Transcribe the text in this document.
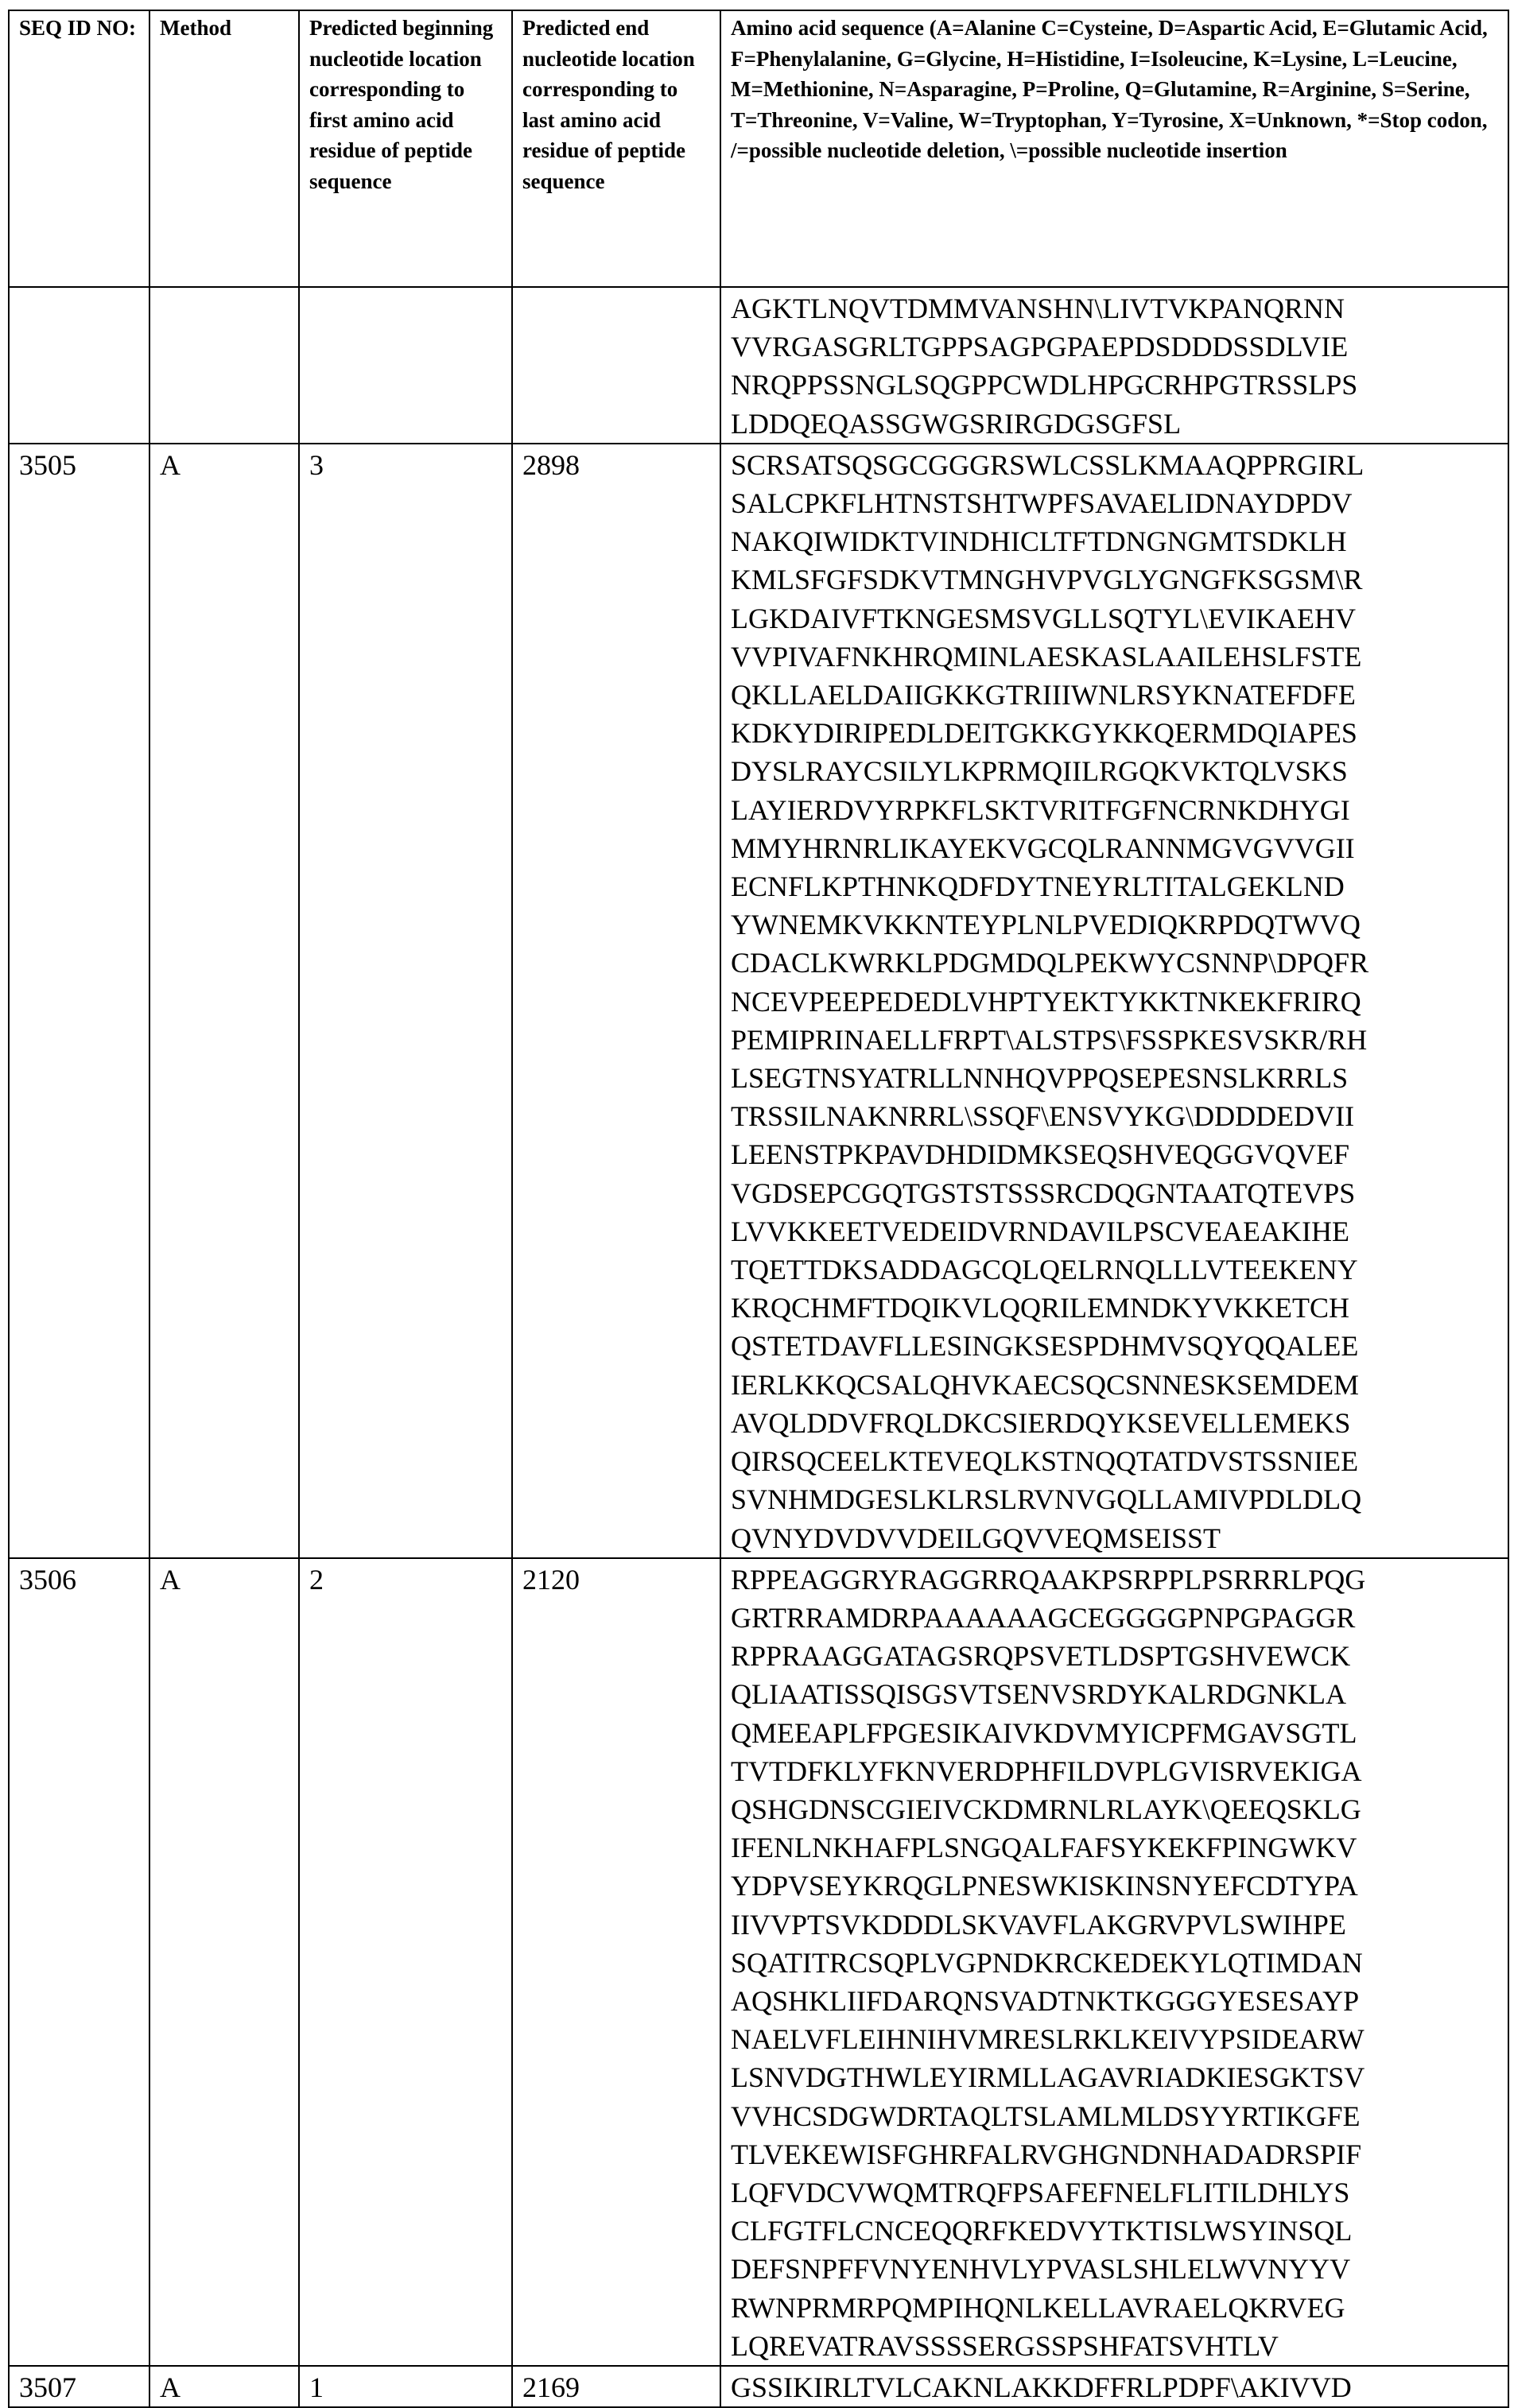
SEQ ID NO:	Method	Predicted beginning nucleotide location corresponding to first amino acid residue of peptide sequence	Predicted end nucleotide location corresponding to last amino acid residue of peptide sequence	Amino acid sequence (A=Alanine C=Cysteine, D=Aspartic Acid, E=Glutamic Acid, F=Phenylalanine, G=Glycine, H=Histidine, I=Isoleucine, K=Lysine, L=Leucine, M=Methionine, N=Asparagine, P=Proline, Q=Glutamine, R=Arginine, S=Serine, T=Threonine, V=Valine, W=Tryptophan, Y=Tyrosine, X=Unknown, *=Stop codon, /=possible nucleotide deletion, \=possible nucleotide insertion

				AGKTLNQVTDMMVANSHN\LIVTVKPANQRNN
VVRGASGRLTGPPSAGPGPAEPDSDDDSSDLVIE
NRQPPSSNGLSQGPPCWDLHPGCRHPGTRSSLPS
LDDQEQASSGWGSRIRGDGSGFSL

3505	A	3	2898	SCRSATSQSGCGGGRSWLCSSLKMAAQPPRGIRL
SALCPKFLHTNSTSHTWPFSAVAELIDNAYDPDV
NAKQIWIDKTVINDHICLTFTDNGNGMTSDKLH
KMLSFGFSDKVTMNGHVPVGLYGNGFKSGSM\R
LGKDAIVFTKNGESMSVGLLSQTYL\EVIKAEHV
VVPIVAFNKHRQMINLAESKASLAAILEHSLFSTE
QKLLAELDAIIGKKGTRIIIWNLRSYKNATEFDFE
KDKYDIRIPEDLDEITGKKGYKKQERMDQIAPES
DYSLRAYCSILYLKPRMQIILRGQKVKTQLVSKS
LAYIERDVYRPKFLSKTVRITFGFNCRNKDHYGI
MMYHRNRLIKAYEKVGCQLRANNMGVGVVGII
ECNFLKPTHNKQDFDYTNEYRLTITALGEKLND
YWNEMKVKKNTEYPLNLPVEDIQKRPDQTWVQ
CDACLKWRKLPDGMDQLPEKWYCSNNP\DPQFR
NCEVPEEPEDEDLVHPTYEKTYKKTNKEKFRIRQ
PEMIPRINAELLFRPT\ALSTPS\FSSPKESVSKR/RH
LSEGTNSYATRLLNNHQVPPQSEPESNSLKRRLS
TRSSILNAKNRRL\SSQF\ENSVYKG\DDDDEDVII
LEENSTPKPAVDHDIDMKSEQSHVEQGGVQVEF
VGDSEPCGQTGSTSTSSSRCDQGNTAATQTEVPS
LVVKKEETVEDEIDVRNDAVILPSCVEAEAKIHE
TQETTDKSADDAGCQLQELRNQLLLVTEEKENY
KRQCHMFTDQIKVLQQRILEMNDKYVKKETCH
QSTETDAVFLLESINGKSESPDHMVSQYQQALEE
IERLKKQCSALQHVKAECSQCSNNESKSEMDEM
AVQLDDVFRQLDKCSIERDQYKSEVELLEMEKS
QIRSQCEELKTEVEQLKSTNQQTATDVSTSSNIEE
SVNHMDGESLKLRSLRVNVGQLLAMIVPDLDLQ
QVNYDVDVVDEILGQVVEQMSEISST

3506	A	2	2120	RPPEAGGRYRAGGRRQAAKPSRPPLPSRRRLPQG
GRTRRAMDRPAAAAAAGCEGGGGPNPGPAGGR
RPPRAAGGATAGSRQPSVETLDSPTGSHVEWCK
QLIAATISSQISGSVTSENVSRDYKALRDGNKLA
QMEEAPLFPGESIKAIVKDVMYICPFMGAVSGTL
TVTDFKLYFKNVERDPHFILDVPLGVISRVEKIGA
QSHGDNSCGIEIVCKDMRNLRLAYK\QEEQSKLG
IFENLNKHAFPLSNGQALFAFSYKEKFPINGWKV
YDPVSEYKRQGLPNESWKISKINSNYEFCDTYPA
IIVVPTSVKDDDLSKVAVFLAKGRVPVLSWIHPE
SQATITRCSQPLVGPNDKRCKEDEKYLQTIMDAN
AQSHKLIIFDARQNSVADTNKTKGGGYESESAYP
NAELVFLEIHNIHVMRESLRKLKEIVYPSIDEARW
LSNVDGTHWLEYIRMLLAGAVRIADKIESGKTSV
VVHCSDGWDRTAQLTSLAMLMLDSYYRTIKGFE
TLVEKEWISFGHRFALRVGHGNDNHADADRSPIF
LQFVDCVWQMTRQFPSAFEFNELFLITILDHLYS
CLFGTFLCNCEQQRFKEDVYTKTISLWSYINSQL
DEFSNPFFVNYENHVLYPVASLSHLELWVNYYV
RWNPRMRPQMPIHQNLKELLAVRAELQKRVEG
LQREVATRAVSSSSERGSSPSHFATSVHTLV

3507	A	1	2169	GSSIKIRLTVLCAKNLAKKDFFRLPDPF\AKIVVD
